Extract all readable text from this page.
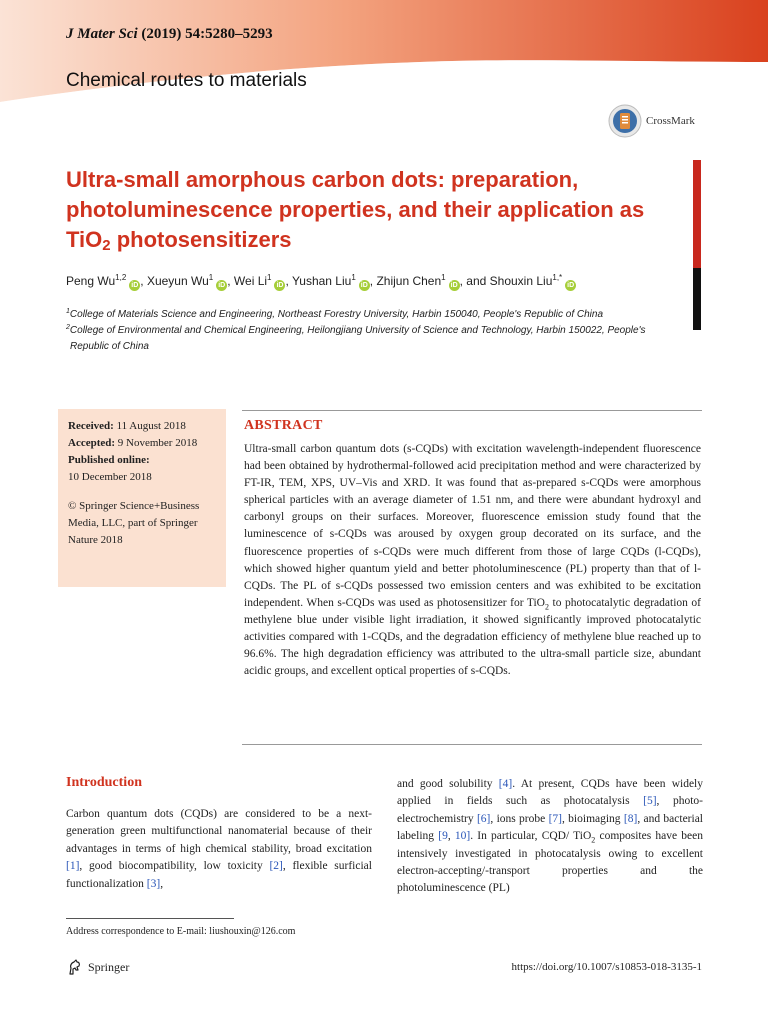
J Mater Sci (2019) 54:5280–5293
Chemical routes to materials
CrossMark
Ultra-small amorphous carbon dots: preparation, photoluminescence properties, and their application as TiO$_2$ photosensitizers
Peng Wu$^{1,2}$iD , Xueyun Wu$^1$iD , Wei Li$^1$iD , Yushan Liu$^1$iD , Zhijun Chen$^1$iD , and Shouxin Liu$^{1,*}$iD
$^1$College of Materials Science and Engineering, Northeast Forestry University, Harbin 150040, People's Republic of China
$^2$College of Environmental and Chemical Engineering, Heilongjiang University of Science and Technology, Harbin 150022, People's
Republic of China
Received: 11 August 2018
Accepted: 9 November 2018
Published online:
10 December 2018
© Springer Science+Business Media, LLC, part of Springer Nature 2018
ABSTRACT

Ultra-small carbon quantum dots (s-CQDs) with excitation wavelength-independent fluorescence had been obtained by hydrothermal-followed acid precipitation method and were characterized by FT-IR, TEM, XPS, UV–Vis and XRD. It was found that as-prepared s-CQDs were amorphous spherical particles with an average diameter of 1.51 nm, and there were abundant hydroxyl and carbonyl groups on their surfaces. Moreover, fluorescence emission study found that the luminescence of s-CQDs was aroused by oxygen group decorated on its surface, and the fluorescence properties of s-CQDs were much different from those of large CQDs (l-CQDs), which showed higher quantum yield and better photoluminescence (PL) property than that of l-CQDs. The PL of s-CQDs possessed two emission centers and was exhibited to be excitation independent. When s-CQDs was used as photosensitizer for TiO$_2$ to photocatalytic degradation of methylene blue under visible light irradiation, it showed significantly improved photocatalytic activities compared with 1-CQDs, and the degradation efficiency of methylene blue reached up to 96.6%. The high degradation efficiency was attributed to the ultra-small particle size, abundant acidic groups, and excellent optical properties of s-CQDs.

Introduction

Carbon quantum dots (CQDs) are considered to be a next-generation green multifunctional nanomaterial because of their advantages in terms of high chemical stability, broad excitation [1], good biocompatibility, low toxicity [2], flexible surficial functionalization [3],

and good solubility [4]. At present, CQDs have been widely applied in fields such as photocatalysis [5], photo-electrochemistry [6], ions probe [7], bioimaging [8], and bacterial labeling [9, 10]. In particular, CQD/ TiO$_2$ composites have been intensively investigated in photocatalysis owing to excellent electron-accepting/-transport properties and the photoluminescence (PL)

Address correspondence to E-mail: liushouxin@126.com
Springer	https://doi.org/10.1007/s10853-018-3135-1
